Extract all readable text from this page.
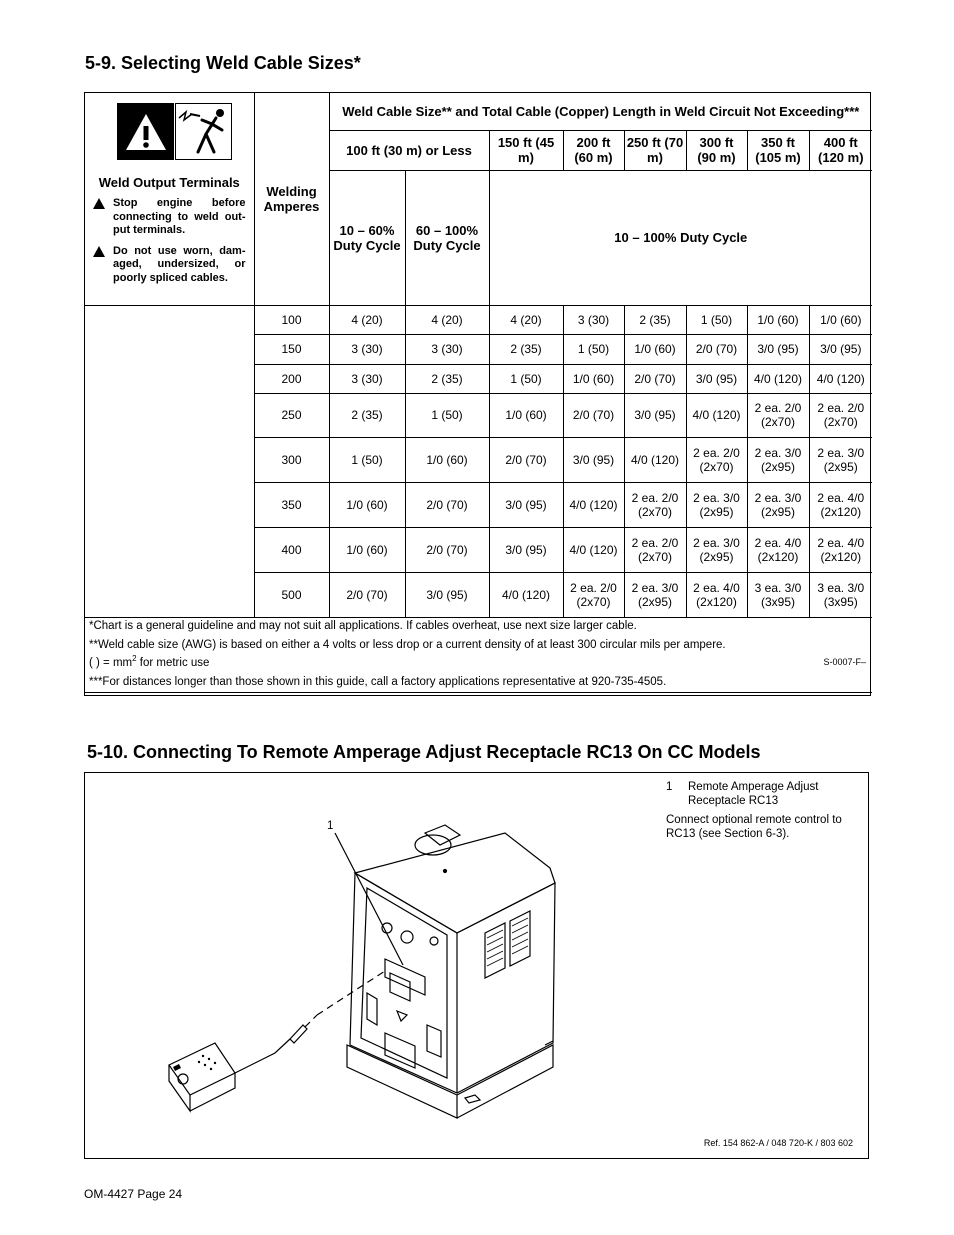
5-9. Selecting Weld Cable Sizes*
Weld Output Terminals
Stop engine before connecting to weld out-put terminals.
Do not use worn, dam-aged, undersized, or poorly spliced cables.	Welding Amperes	Weld Cable Size** and Total Cable (Copper) Length in Weld Circuit Not Exceeding***							
		100 ft (30 m) or Less		150 ft (45 m)	200 ft (60 m)	250 ft (70 m)	300 ft (90 m)	350 ft (105 m)	400 ft (120 m)
		10 – 60% Duty Cycle	60 – 100% Duty Cycle	10 – 100% Duty Cycle					
	100	4 (20)	4 (20)	4 (20)	3 (30)	2 (35)	1 (50)	1/0 (60)	1/0 (60)
	150	3 (30)	3 (30)	2 (35)	1 (50)	1/0 (60)	2/0 (70)	3/0 (95)	3/0 (95)
	200	3 (30)	2 (35)	1 (50)	1/0 (60)	2/0 (70)	3/0 (95)	4/0 (120)	4/0 (120)
	250	2 (35)	1 (50)	1/0 (60)	2/0 (70)	3/0 (95)	4/0 (120)	2 ea. 2/0 (2x70)	2 ea. 2/0 (2x70)
	300	1 (50)	1/0 (60)	2/0 (70)	3/0 (95)	4/0 (120)	2 ea. 2/0 (2x70)	2 ea. 3/0 (2x95)	2 ea. 3/0 (2x95)
	350	1/0 (60)	2/0 (70)	3/0 (95)	4/0 (120)	2 ea. 2/0 (2x70)	2 ea. 3/0 (2x95)	2 ea. 3/0 (2x95)	2 ea. 4/0 (2x120)
	400	1/0 (60)	2/0 (70)	3/0 (95)	4/0 (120)	2 ea. 2/0 (2x70)	2 ea. 3/0 (2x95)	2 ea. 4/0 (2x120)	2 ea. 4/0 (2x120)
	500	2/0 (70)	3/0 (95)	4/0 (120)	2 ea. 2/0 (2x70)	2 ea. 3/0 (2x95)	2 ea. 4/0 (2x120)	3 ea. 3/0 (3x95)	3 ea. 3/0 (3x95)

*Chart is a general guideline and may not suit all applications. If cables overheat, use next size larger cable.

**Weld cable size (AWG) is based on either a 4 volts or less drop or a current density of at least 300 circular mils per ampere.

( ) = $mm^2$ for metric use S-0007-F–

***For distances longer than those shown in this guide, call a factory applications representative at 920-735-4505.									

5-10. Connecting To Remote Amperage Adjust Receptacle RC13 On CC Models
1 Remote Amperage Adjust Receptacle RC13
Connect optional remote control to RC13 (see Section 6-3).
1
Ref. 154 862-A / 048 720-K / 803 602
OM-4427 Page 24
